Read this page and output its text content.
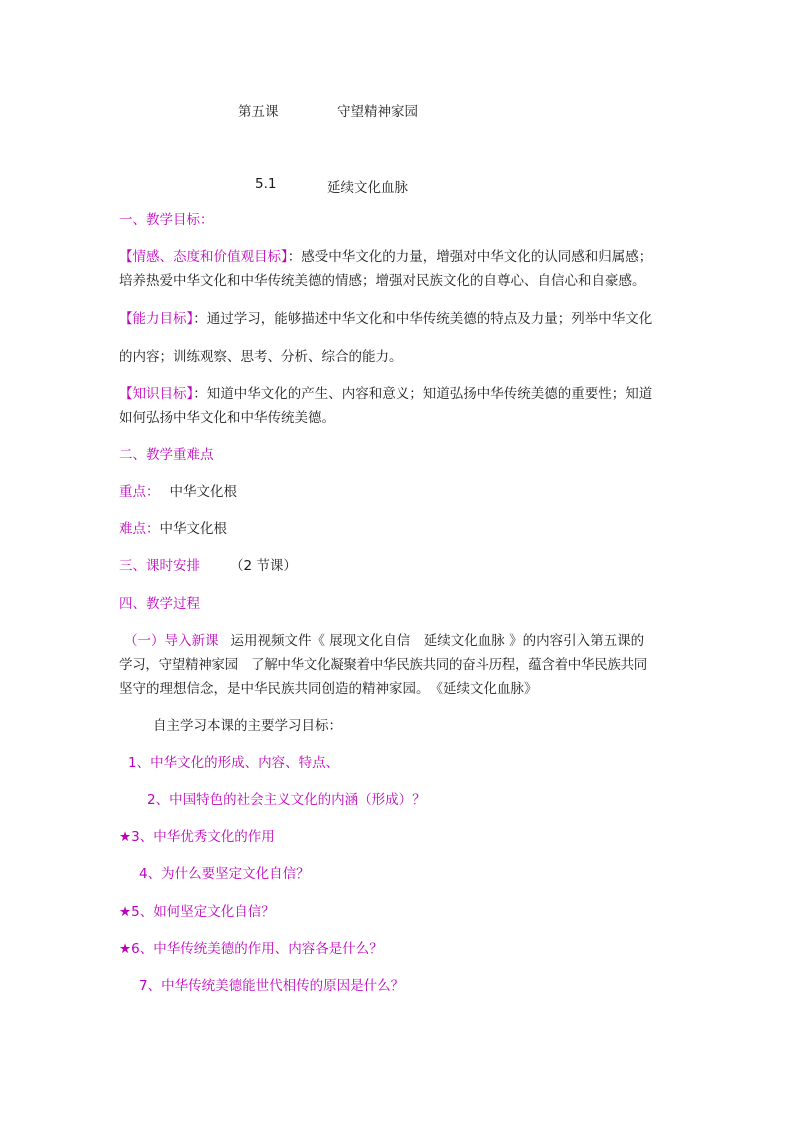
第五课	守望精神家园
5.1	延续文化血脉
一、教学目标：
【情感、态度和价值观目标】：感受中华文化的力量，增强对中华文化的认同感和归属感；
培养热爱中华文化和中华传统美德的情感；增强对民族文化的自尊心、自信心和自豪感。
【能力目标】：通过学习，能够描述中华文化和中华传统美德的特点及力量；列举中华文化
的内容；训练观察、思考、分析、综合的能力。
【知识目标】：知道中华文化的产生、内容和意义；知道弘扬中华传统美德的重要性；知道
如何弘扬中华文化和中华传统美德。
二、教学重难点
重点： 中华文化根
难点：中华文化根
三、课时安排 （2 节课）
四、教学过程
（一）导入新课 运用视频文件《 展现文化自信　延续文化血脉 》的内容引入第五课的
学习，守望精神家园　了解中华文化凝聚着中华民族共同的奋斗历程，蕴含着中华民族共同
坚守的理想信念，是中华民族共同创造的精神家园。　《延续文化血脉》
自主学习本课的主要学习目标：
1、中华文化的形成、内容、特点、
2、中国特色的社会主义文化的内涵（形成）？
★3、中华优秀文化的作用
4、为什么要坚定文化自信？
★5、如何坚定文化自信？
★6、中华传统美德的作用、内容各是什么？
7、中华传统美德能世代相传的原因是什么？
